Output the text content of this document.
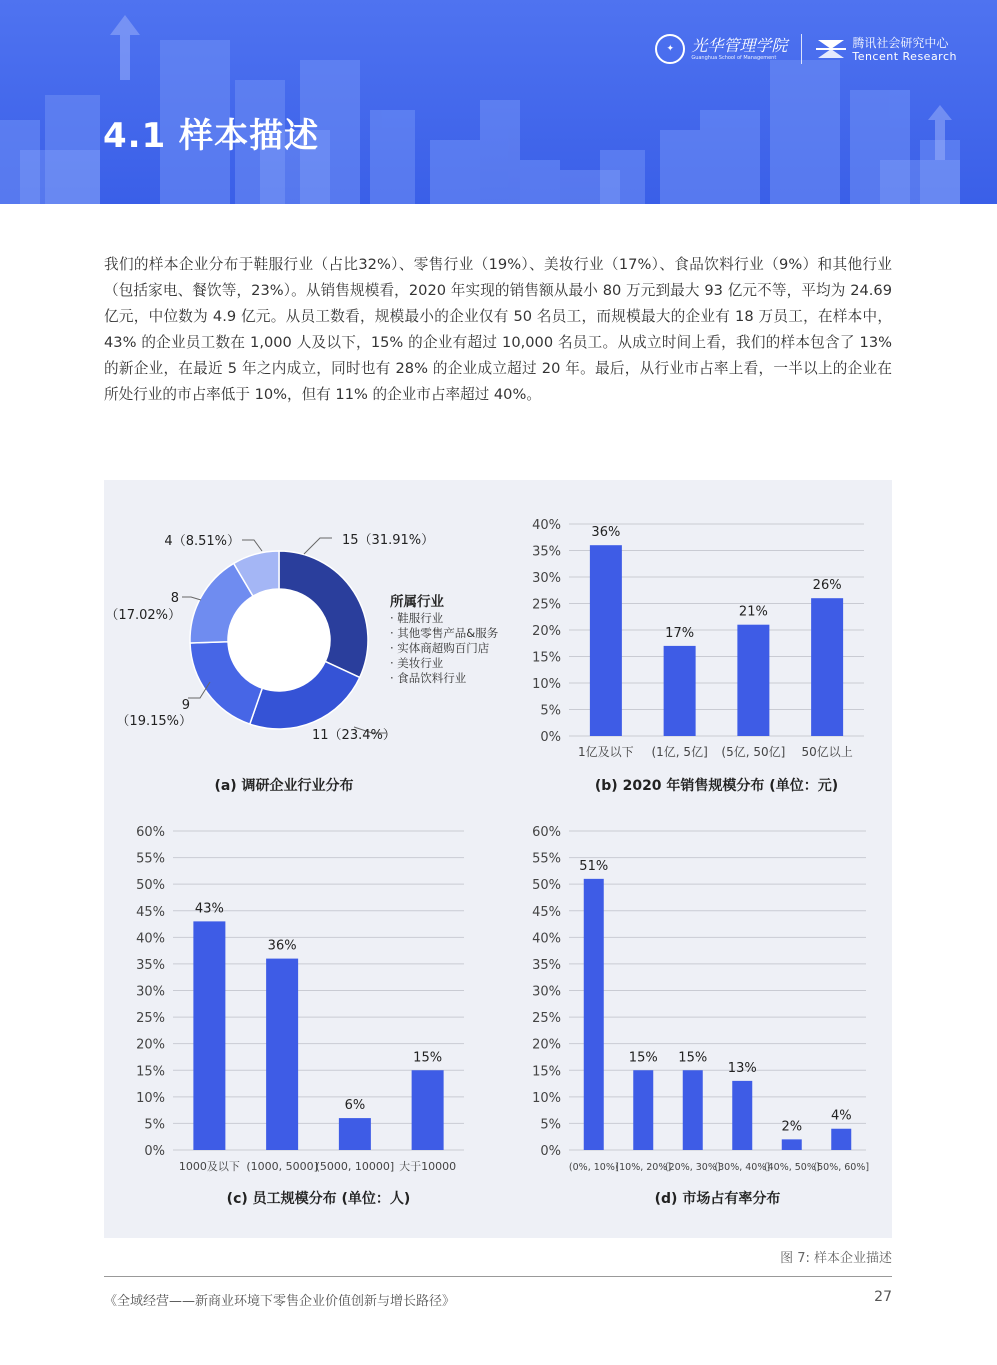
4.1 样本描述
✦	光华管理学院
Guanghua School of Management
腾讯社会研究中心
Tencent Research
我们的样本企业分布于鞋服行业（占比32%）、零售行业（19%）、美妆行业（17%）、食品饮料行业（9%）和其他行业（包括家电、餐饮等，23%）。从销售规模看，2020 年实现的销售额从最小 80 万元到最大 93 亿元不等，平均为 24.69 亿元，中位数为 4.9 亿元。从员工数看，规模最小的企业仅有 50 名员工，而规模最大的企业有 18 万员工，在样本中，43% 的企业员工数在 1,000 人及以下，15% 的企业有超过 10,000 名员工。从成立时间上看，我们的样本包含了 13% 的新企业，在最近 5 年之内成立，同时也有 28% 的企业成立超过 20 年。最后，从行业市占率上看，一半以上的企业在所处行业的市占率低于 10%，但有 11% 的企业市占率超过 40%。
15（31.91%）
11（23.4%）
9
（19.15%）
8
（17.02%）
4（8.51%）
所属行业
· 鞋服行业
· 其他零售产品&服务
· 实体商超购百门店
· 美妆行业
· 食品饮料行业
(a) 调研企业行业分布
0%
5%
10%
15%
20%
25%
30%
35%
40% 36%
1亿及以下
17%
(1亿, 5亿]
21%
(5亿, 50亿]
26%
50亿以上
(b) 2020 年销售规模分布 (单位：元)
0%
5%
10%
15%
20%
25%
30%
35%
40%
45%
50%
55%
60%
43%
1000及以下
36%
(1000, 5000]
6%
(5000, 10000]
15%
大于10000
(c) 员工规模分布 (单位：人)
0%
5%
10%
15%
20%
25%
30%
35%
40%
45%
50%
55%
60%
51%
(0%, 10%]
15%
(10%, 20%]
15%
(20%, 30%]
13%
(30%, 40%]
2%
(40%, 50%]
4%
(50%, 60%]
(d) 市场占有率分布
图 7: 样本企业描述
《全域经营——新商业环境下零售企业价值创新与增长路径》	27
